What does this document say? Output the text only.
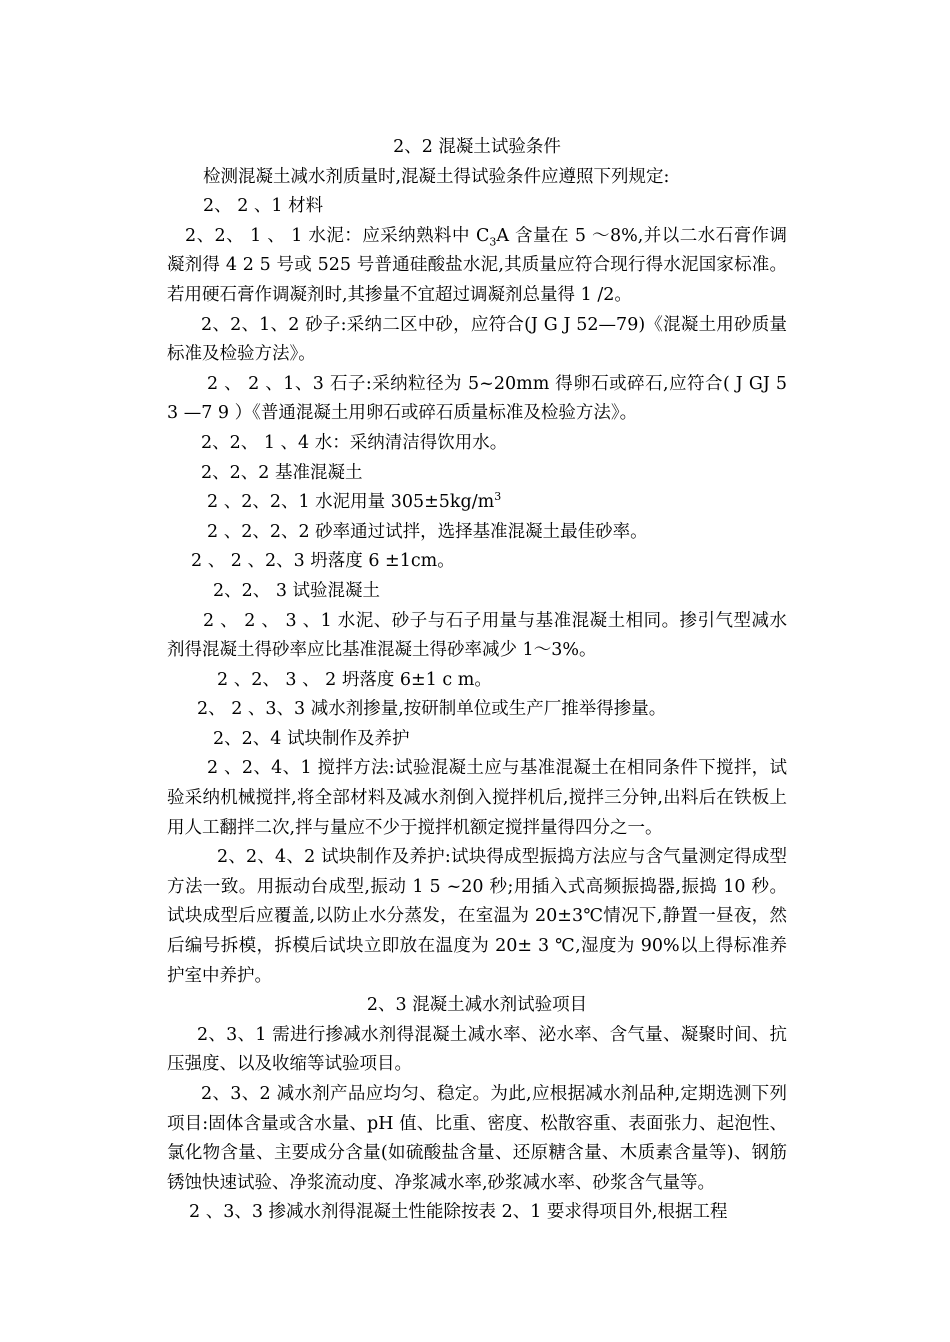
2、2 混凝土试验条件

检测混凝土减水剂质量时,混凝土得试验条件应遵照下列规定:

2、 2 、1 材料

2、2、 1 、 1 水泥：应采纳熟料中 $C_3A$ 含量在 5 ～8%,并以二水石膏作调凝剂得 4 2 5 号或 525 号普通硅酸盐水泥,其质量应符合现行得水泥国家标准。若用硬石膏作调凝剂时,其掺量不宜超过调凝剂总量得 1 /2。

2、2、1、2 砂子:采纳二区中砂，应符合(J G J 52—79)《混凝土用砂质量标准及检验方法》。

2 、 2 、1、3 石子:采纳粒径为 5~20mm 得卵石或碎石,应符合( J GJ 5 3 —7 9 ）《普通混凝土用卵石或碎石质量标准及检验方法》。

2、2、 1 、4 水：采纳清洁得饮用水。

2、2、2 基准混凝土

2 、2、2、1 水泥用量 $305\pm 5kg/m^3$

2 、2、2、2 砂率通过试拌，选择基准混凝土最佳砂率。

2 、 2 、2、3 坍落度 6 ±1cm。

2、2、 3 试验混凝土

2 、 2 、 3 、1 水泥、砂子与石子用量与基准混凝土相同。掺引气型减水剂得混凝土得砂率应比基准混凝土得砂率减少 1～3%。

2 、2、 3 、 2 坍落度 6±1 c m。

2、 2 、3、3 减水剂掺量,按研制单位或生产厂推举得掺量。

2、2、4 试块制作及养护

2 、2、4、1 搅拌方法:试验混凝土应与基准混凝土在相同条件下搅拌，试验采纳机械搅拌,将全部材料及减水剂倒入搅拌机后,搅拌三分钟,出料后在铁板上用人工翻拌二次,拌与量应不少于搅拌机额定搅拌量得四分之一。

2、2、4、2 试块制作及养护:试块得成型振捣方法应与含气量测定得成型方法一致。用振动台成型,振动 1 5 ~20 秒;用插入式高频振捣器,振捣 10 秒。试块成型后应覆盖,以防止水分蒸发，在室温为 20±3℃情况下,静置一昼夜，然后编号拆模，拆模后试块立即放在温度为 20± 3 ℃,湿度为 90%以上得标准养护室中养护。

2、3 混凝土减水剂试验项目

2、3、1 需进行掺减水剂得混凝土减水率、泌水率、含气量、凝聚时间、抗压强度、以及收缩等试验项目。

2、3、2 减水剂产品应均匀、稳定。为此,应根据减水剂品种,定期选测下列项目:固体含量或含水量、pH 值、比重、密度、松散容重、表面张力、起泡性、氯化物含量、主要成分含量(如硫酸盐含量、还原糖含量、木质素含量等)、钢筋锈蚀快速试验、净浆流动度、净浆减水率,砂浆减水率、砂浆含气量等。

2 、3、3 掺减水剂得混凝土性能除按表 2、1 要求得项目外,根据工程
